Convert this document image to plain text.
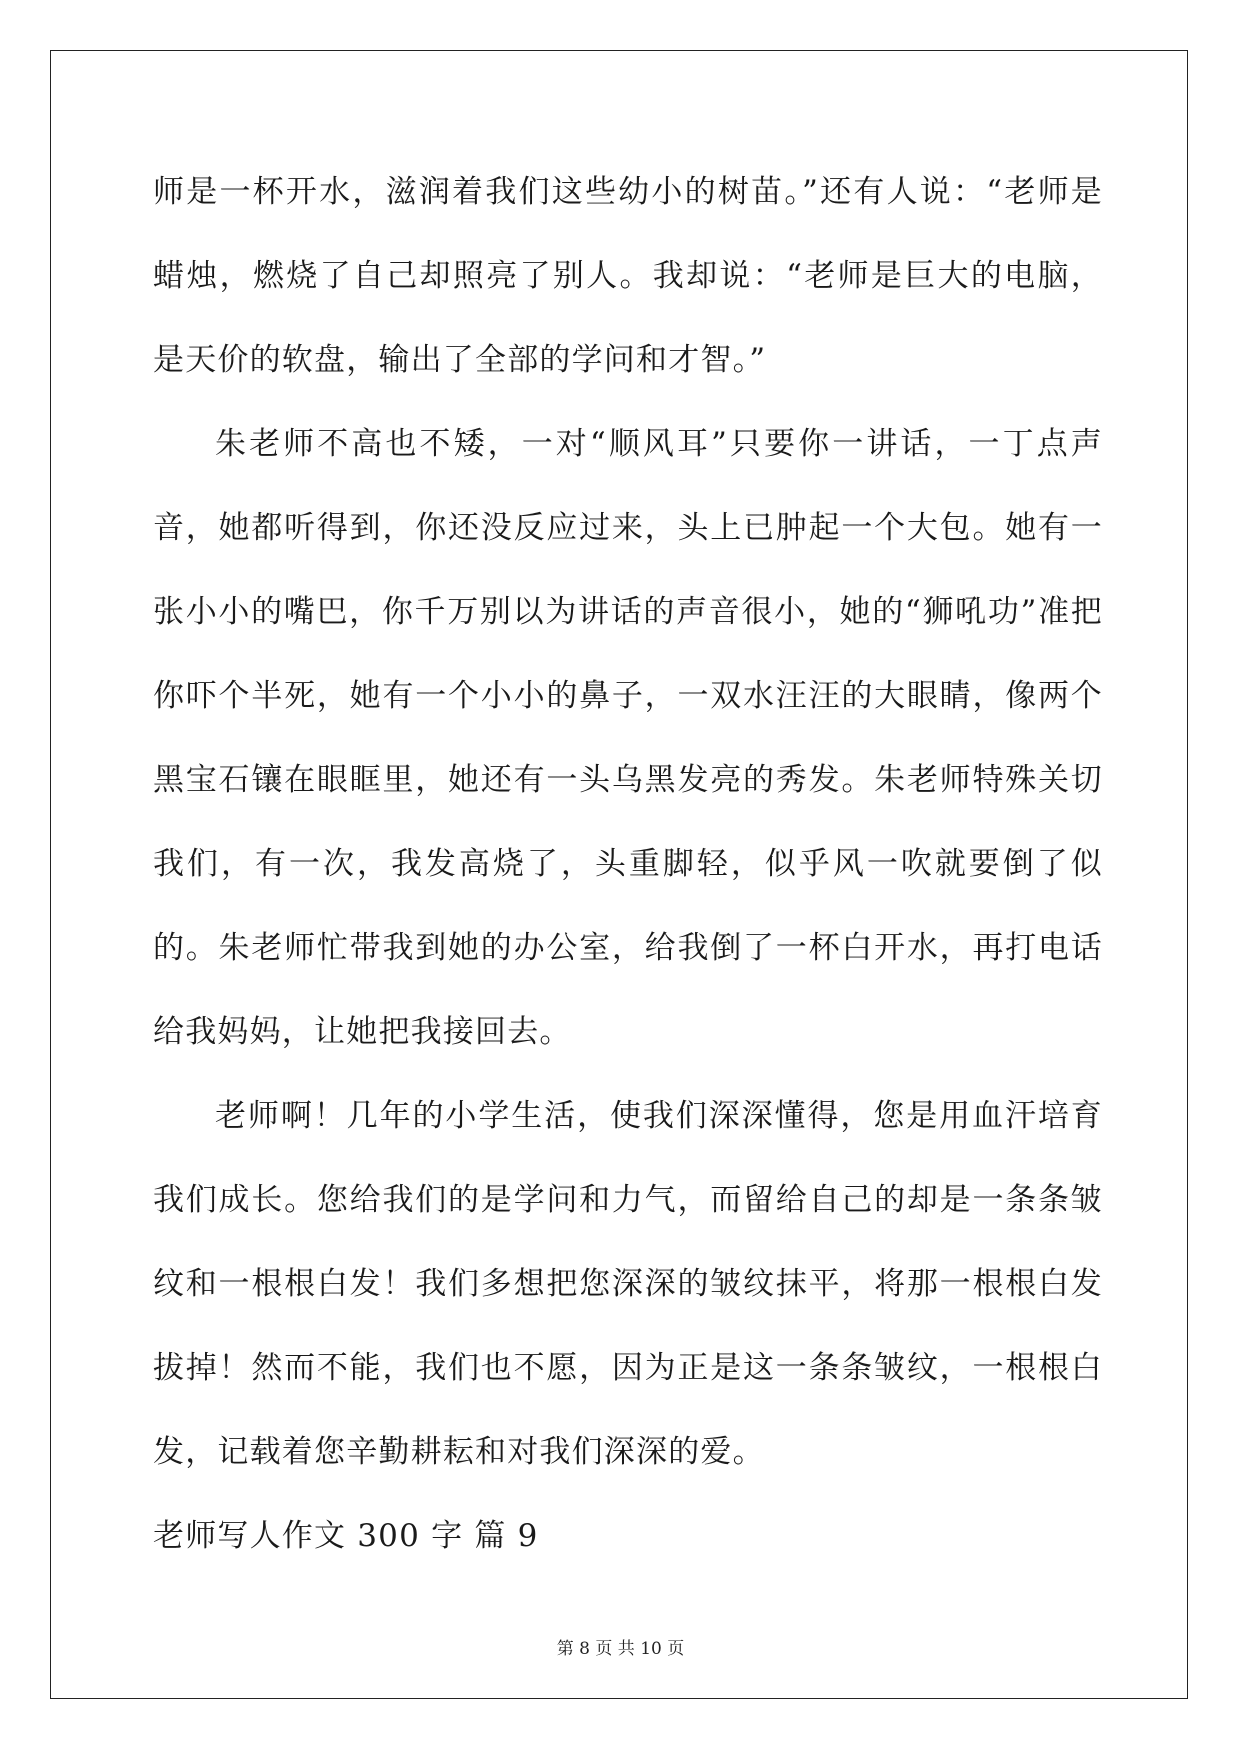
师是一杯开水，滋润着我们这些幼小的树苗。”还有人说：“老师是蜡烛，燃烧了自己却照亮了别人。我却说：“老师是巨大的电脑，是天价的软盘，输出了全部的学问和才智。”

朱老师不高也不矮，一对“顺风耳”只要你一讲话，一丁点声音，她都听得到，你还没反应过来，头上已肿起一个大包。她有一张小小的嘴巴，你千万别以为讲话的声音很小，她的“狮吼功”准把你吓个半死，她有一个小小的鼻子，一双水汪汪的大眼睛，像两个黑宝石镶在眼眶里，她还有一头乌黑发亮的秀发。朱老师特殊关切我们，有一次，我发高烧了，头重脚轻，似乎风一吹就要倒了似的。朱老师忙带我到她的办公室，给我倒了一杯白开水，再打电话给我妈妈，让她把我接回去。

老师啊！几年的小学生活，使我们深深懂得，您是用血汗培育我们成长。您给我们的是学问和力气，而留给自己的却是一条条皱纹和一根根白发！我们多想把您深深的皱纹抹平，将那一根根白发拔掉！然而不能，我们也不愿，因为正是这一条条皱纹，一根根白发，记载着您辛勤耕耘和对我们深深的爱。

老师写人作文 300 字 篇 9

第 8 页 共 10 页
